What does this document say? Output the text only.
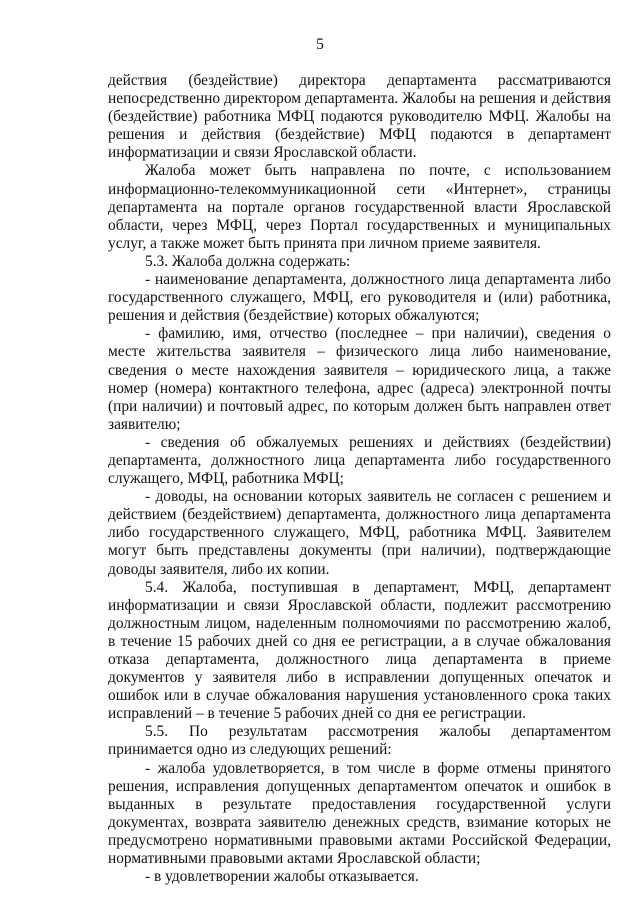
5

действия (бездействие) директора департамента рассматриваются непосредственно директором департамента. Жалобы на решения и действия (бездействие) работника МФЦ подаются руководителю МФЦ. Жалобы на решения и действия (бездействие) МФЦ подаются в департамент информатизации и связи Ярославской области.

Жалоба может быть направлена по почте, с использованием информационно-телекоммуникационной сети «Интернет», страницы департамента на портале органов государственной власти Ярославской области, через МФЦ, через Портал государственных и муниципальных услуг, а также может быть принята при личном приеме заявителя.

5.3. Жалоба должна содержать:

- наименование департамента, должностного лица департамента либо государственного служащего, МФЦ, его руководителя и (или) работника, решения и действия (бездействие) которых обжалуются;

- фамилию, имя, отчество (последнее – при наличии), сведения о месте жительства заявителя – физического лица либо наименование, сведения о месте нахождения заявителя – юридического лица, а также номер (номера) контактного телефона, адрес (адреса) электронной почты (при наличии) и почтовый адрес, по которым должен быть направлен ответ заявителю;

- сведения об обжалуемых решениях и действиях (бездействии) департамента, должностного лица департамента либо государственного служащего, МФЦ, работника МФЦ;

- доводы, на основании которых заявитель не согласен с решением и действием (бездействием) департамента, должностного лица департамента либо государственного служащего, МФЦ, работника МФЦ. Заявителем могут быть представлены документы (при наличии), подтверждающие доводы заявителя, либо их копии.

5.4. Жалоба, поступившая в департамент, МФЦ, департамент информатизации и связи Ярославской области, подлежит рассмотрению должностным лицом, наделенным полномочиями по рассмотрению жалоб, в течение 15 рабочих дней со дня ее регистрации, а в случае обжалования отказа департамента, должностного лица департамента в приеме документов у заявителя либо в исправлении допущенных опечаток и ошибок или в случае обжалования нарушения установленного срока таких исправлений – в течение 5 рабочих дней со дня ее регистрации.

5.5. По результатам рассмотрения жалобы департаментом принимается одно из следующих решений:

- жалоба удовлетворяется, в том числе в форме отмены принятого решения, исправления допущенных департаментом опечаток и ошибок в выданных в результате предоставления государственной услуги документах, возврата заявителю денежных средств, взимание которых не предусмотрено нормативными правовыми актами Российской Федерации, нормативными правовыми актами Ярославской области;

- в удовлетворении жалобы отказывается.
